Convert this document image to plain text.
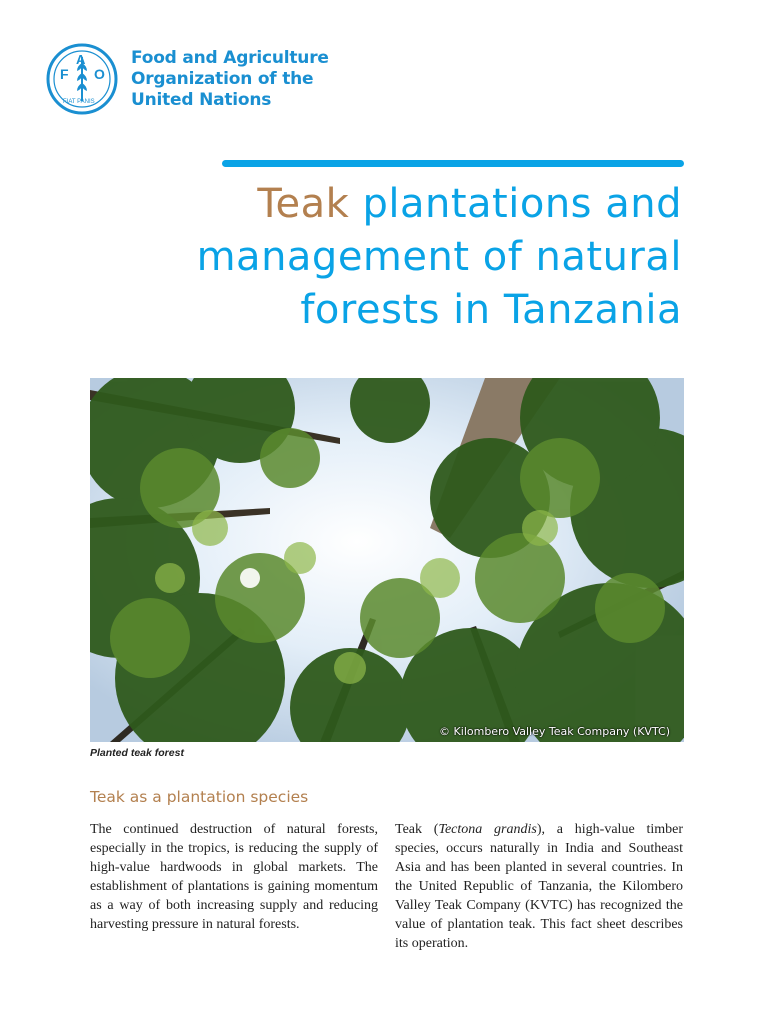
F
A
O
FIAT PANIS
Food and Agriculture
Organization of the
United Nations
Teak plantations and
management of natural
forests in Tanzania
© Kilombero Valley Teak Company (KVTC)
Planted teak forest
Teak as a plantation species
The continued destruction of natural forests, especially in the tropics, is reducing the supply of high-value hardwoods in global markets. The establishment of plantations is gaining momentum as a way of both increasing supply and reducing harvesting pressure in natural forests.
Teak (Tectona grandis), a high-value timber species, occurs naturally in India and Southeast Asia and has been planted in several countries. In the United Republic of Tanzania, the Kilombero Valley Teak Company (KVTC) has recognized the value of plantation teak. This fact sheet describes its operation.
